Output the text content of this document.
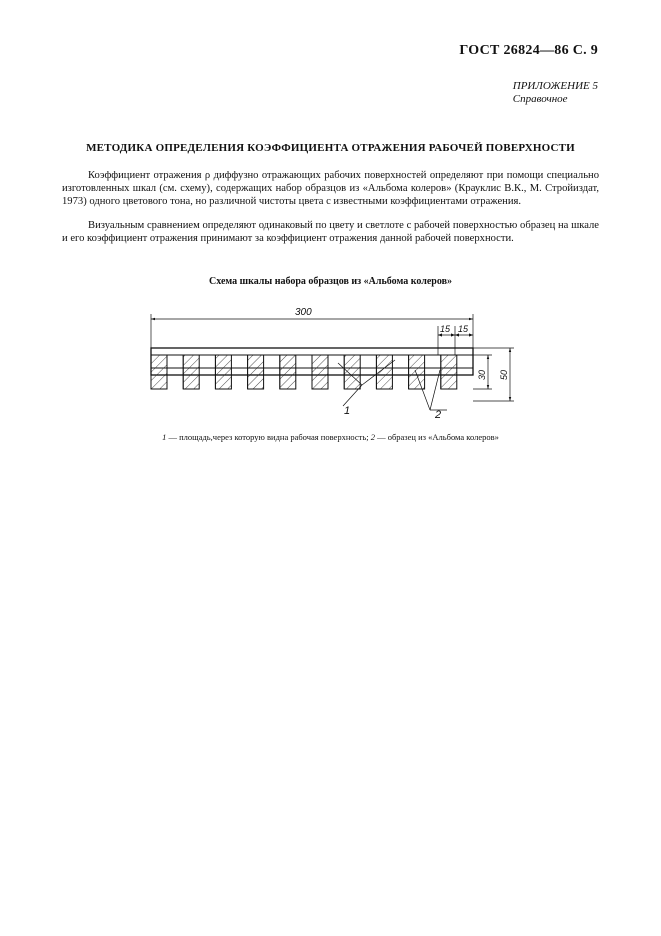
ГОСТ 26824—86 С. 9
ПРИЛОЖЕНИЕ 5
Справочное
МЕТОДИКА ОПРЕДЕЛЕНИЯ КОЭФФИЦИЕНТА ОТРАЖЕНИЯ РАБОЧЕЙ ПОВЕРХНОСТИ

Коэффициент отражения ρ диффузно отражающих рабочих поверхностей определяют при помощи специально изготовленных шкал (см. схему), содержащих набор образцов из «Альбома колеров» (Крауклис В.К., М. Стройиздат, 1973) одного цветового тона, но различной чистоты цвета с известными коэффициентами отражения.

Визуальным сравнением определяют одинаковый по цвету и светлоте с рабочей поверхностью образец на шкале и его коэффициент отражения принимают за коэффициент отражения данной рабочей поверхности.

Схема шкалы набора образцов из «Альбома колеров»
300
15 15
30 50
1	2
1 — площадь,через которую видна рабочая поверхность; 2 — образец из «Альбома колеров»
